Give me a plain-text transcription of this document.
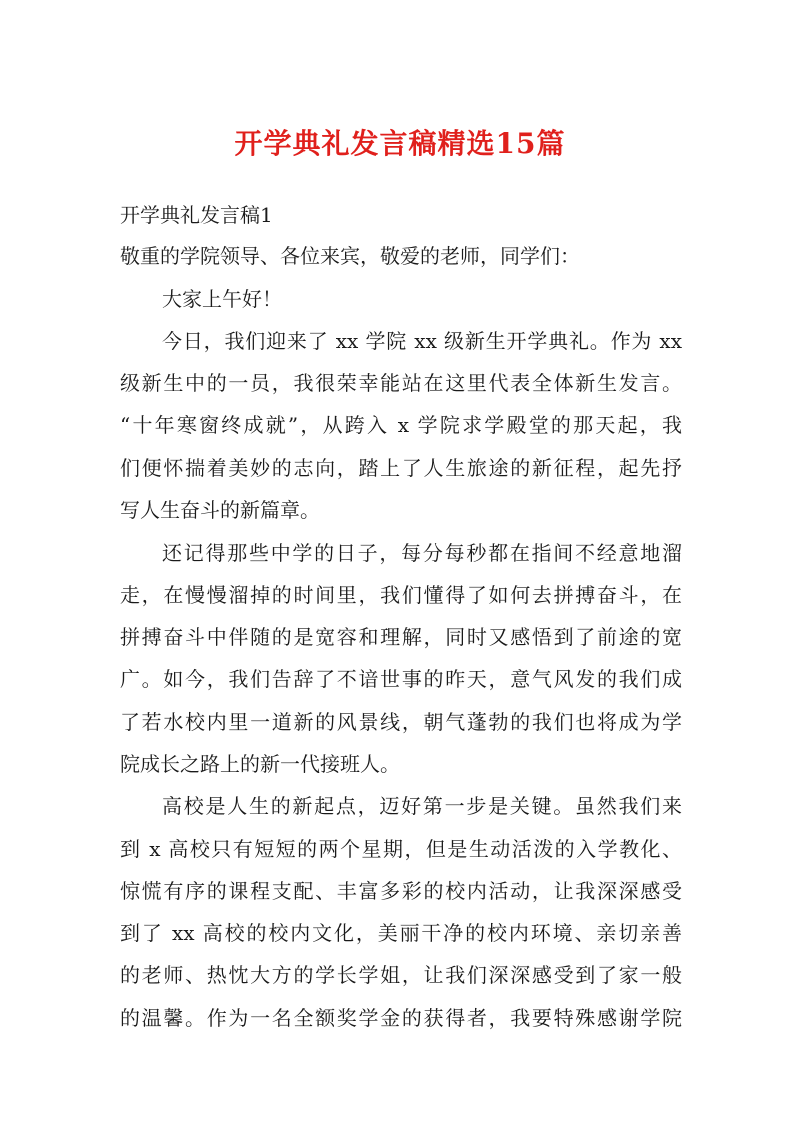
开学典礼发言稿精选15篇
开学典礼发言稿1
敬重的学院领导、各位来宾，敬爱的老师，同学们：
大家上午好！
今日，我们迎来了 xx 学院 xx 级新生开学典礼。作为 xx
级新生中的一员，我很荣幸能站在这里代表全体新生发言。
“十年寒窗终成就”，从跨入 x 学院求学殿堂的那天起，我
们便怀揣着美妙的志向，踏上了人生旅途的新征程，起先抒
写人生奋斗的新篇章。
还记得那些中学的日子，每分每秒都在指间不经意地溜
走，在慢慢溜掉的时间里，我们懂得了如何去拼搏奋斗，在
拼搏奋斗中伴随的是宽容和理解，同时又感悟到了前途的宽
广。如今，我们告辞了不谙世事的昨天，意气风发的我们成
了若水校内里一道新的风景线，朝气蓬勃的我们也将成为学
院成长之路上的新一代接班人。
高校是人生的新起点，迈好第一步是关键。虽然我们来
到 x 高校只有短短的两个星期，但是生动活泼的入学教化、
惊慌有序的课程支配、丰富多彩的校内活动，让我深深感受
到了 xx 高校的校内文化，美丽干净的校内环境、亲切亲善
的老师、热忱大方的学长学姐，让我们深深感受到了家一般
的温馨。作为一名全额奖学金的获得者，我要特殊感谢学院
